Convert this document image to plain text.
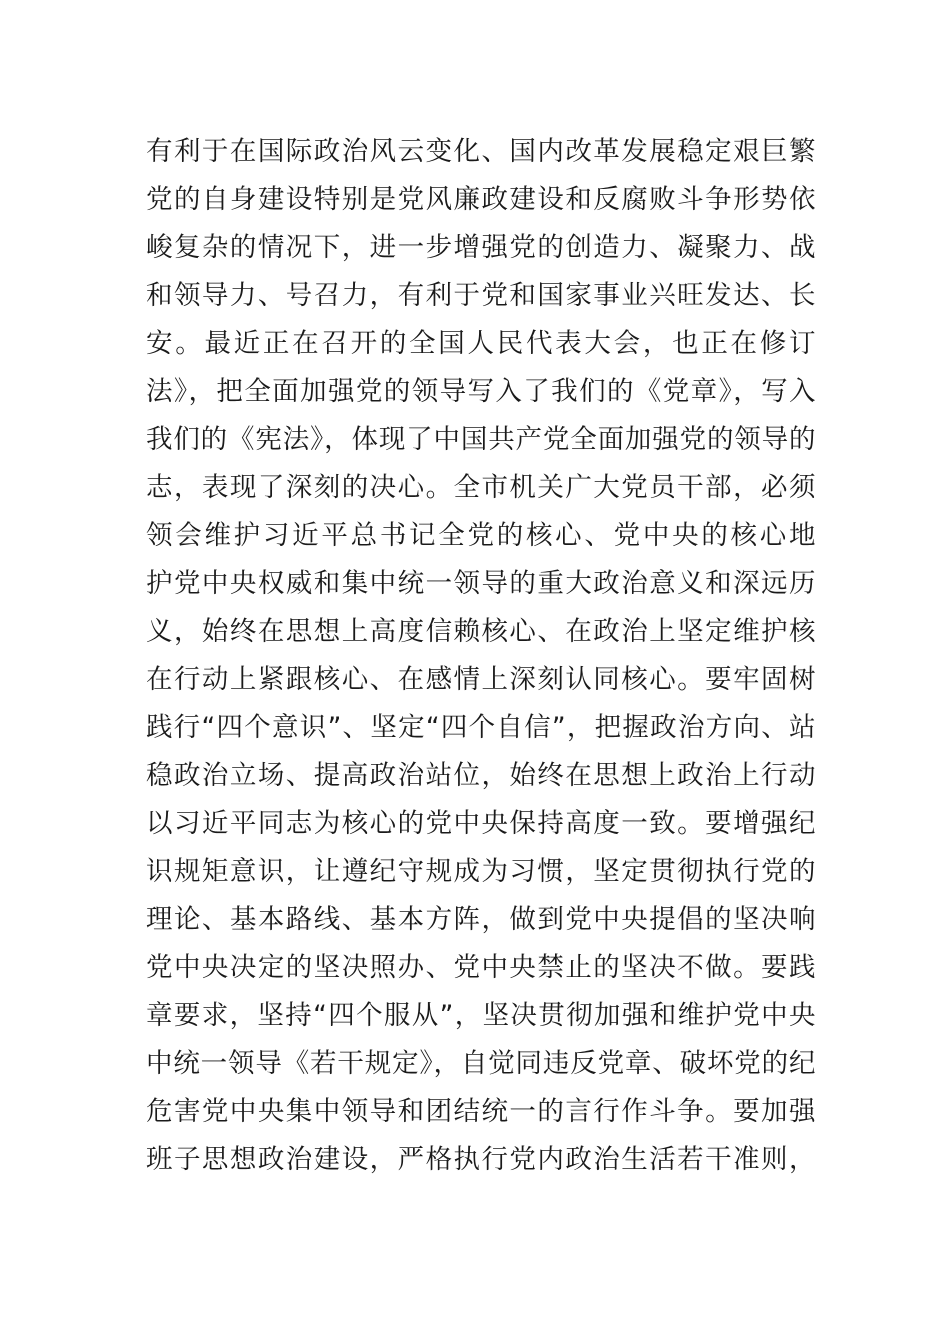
有利于在国际政治风云变化、国内改革发展稳定艰巨繁
党的自身建设特别是党风廉政建设和反腐败斗争形势依
峻复杂的情况下，进一步增强党的创造力、凝聚力、战
和领导力、号召力，有利于党和国家事业兴旺发达、长
安。最近正在召开的全国人民代表大会，也正在修订
法》，把全面加强党的领导写入了我们的《党章》，写入
我们的《宪法》，体现了中国共产党全面加强党的领导的
志，表现了深刻的决心。全市机关广大党员干部，必须
领会维护习近平总书记全党的核心、党中央的核心地
护党中央权威和集中统一领导的重大政治意义和深远历
义，始终在思想上高度信赖核心、在政治上坚定维护核
在行动上紧跟核心、在感情上深刻认同核心。要牢固树
践行“四个意识”、坚定“四个自信”，把握政治方向、站
稳政治立场、提高政治站位，始终在思想上政治上行动
以习近平同志为核心的党中央保持高度一致。要增强纪
识规矩意识，让遵纪守规成为习惯，坚定贯彻执行党的
理论、基本路线、基本方阵，做到党中央提倡的坚决响
党中央决定的坚决照办、党中央禁止的坚决不做。要践
章要求，坚持“四个服从”，坚决贯彻加强和维护党中央
中统一领导《若干规定》，自觉同违反党章、破坏党的纪
危害党中央集中领导和团结统一的言行作斗争。要加强
班子思想政治建设，严格执行党内政治生活若干准则，
